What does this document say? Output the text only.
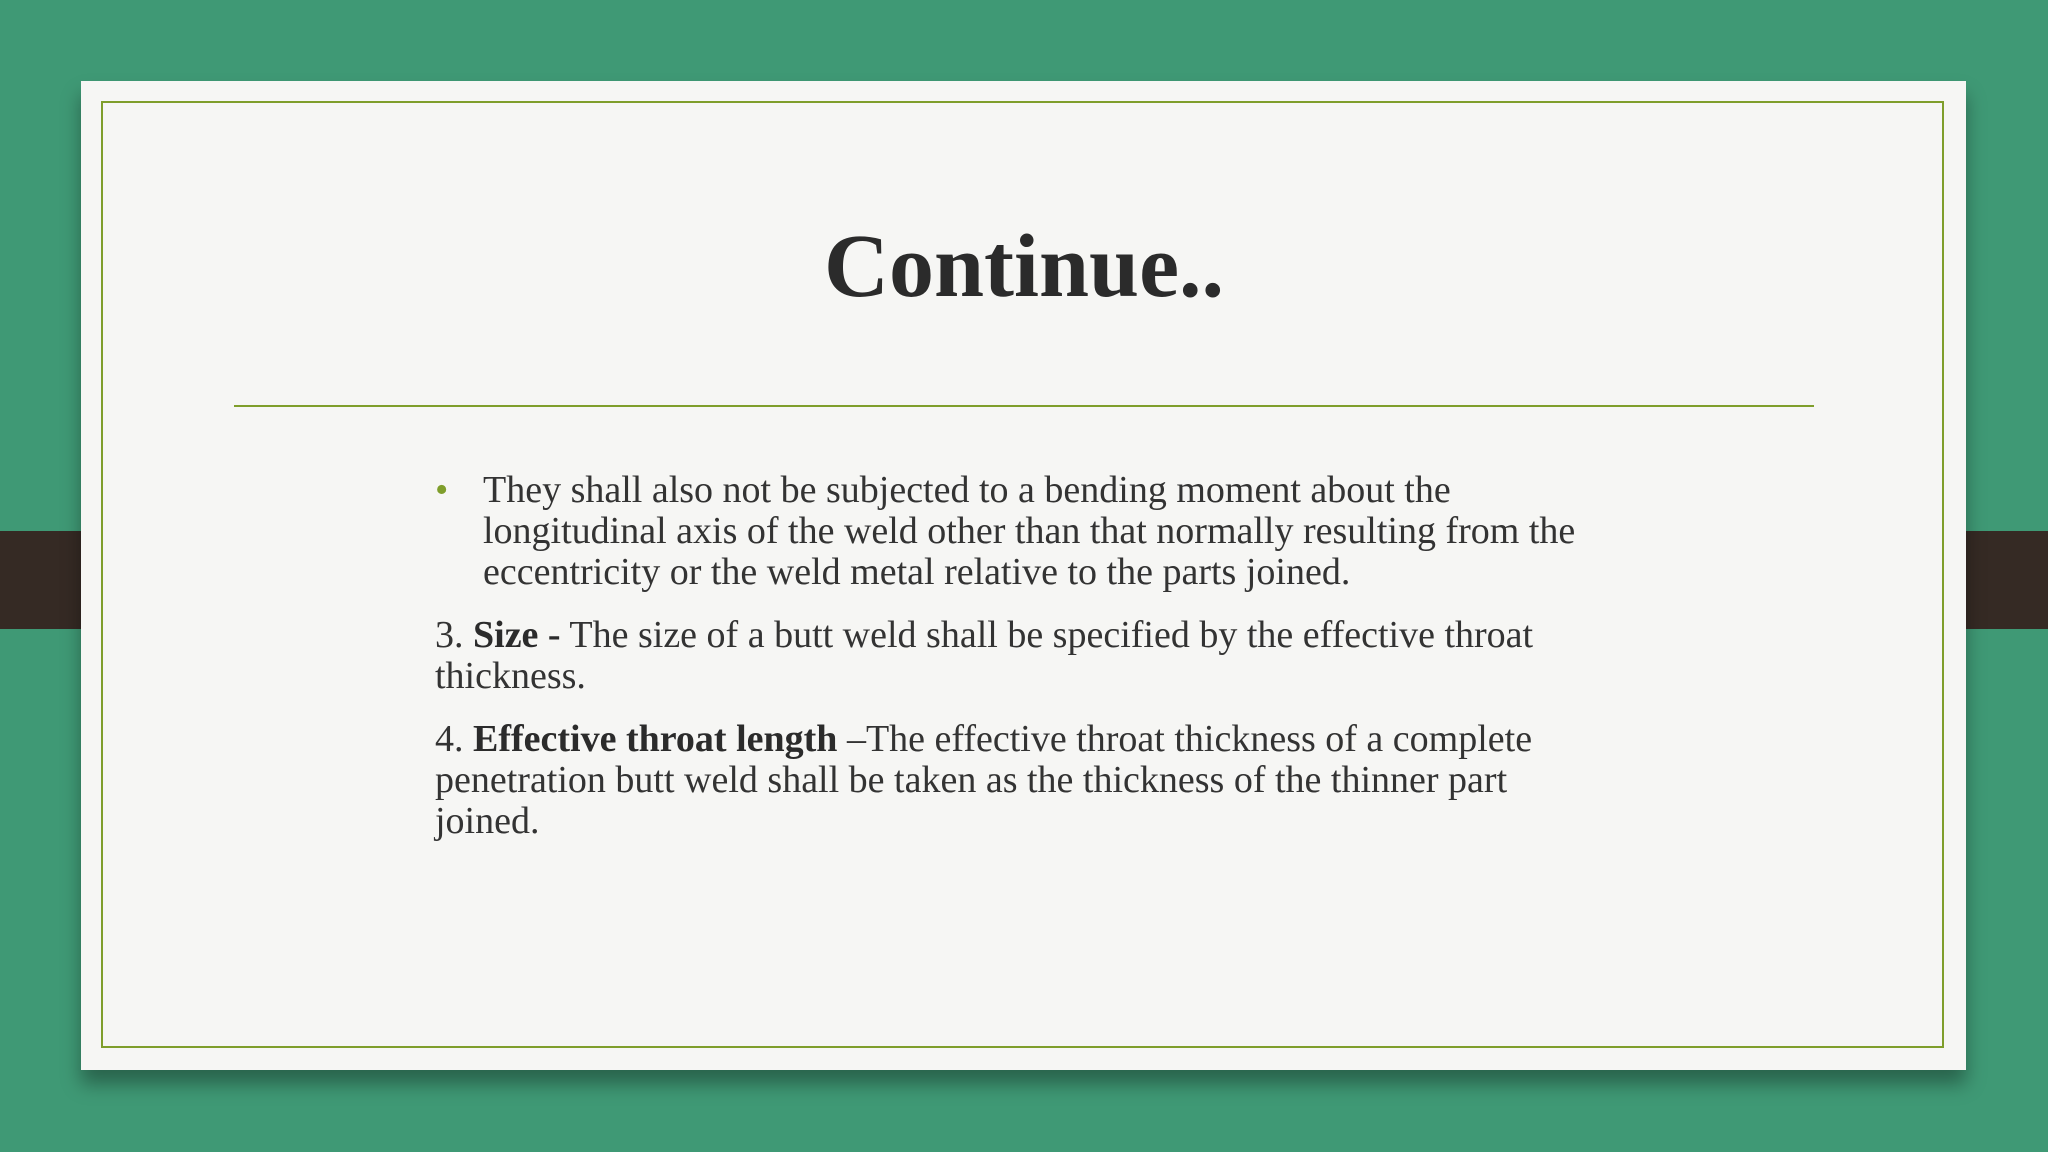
Continue..
• They shall also not be subjected to a bending moment about the longitudinal axis of the weld other than that normally resulting from the eccentricity or the weld metal relative to the parts joined.

3. Size - The size of a butt weld shall be specified by the effective throat thickness.

4. Effective throat length –The effective throat thickness of a complete penetration butt weld shall be taken as the thickness of the thinner part joined.
